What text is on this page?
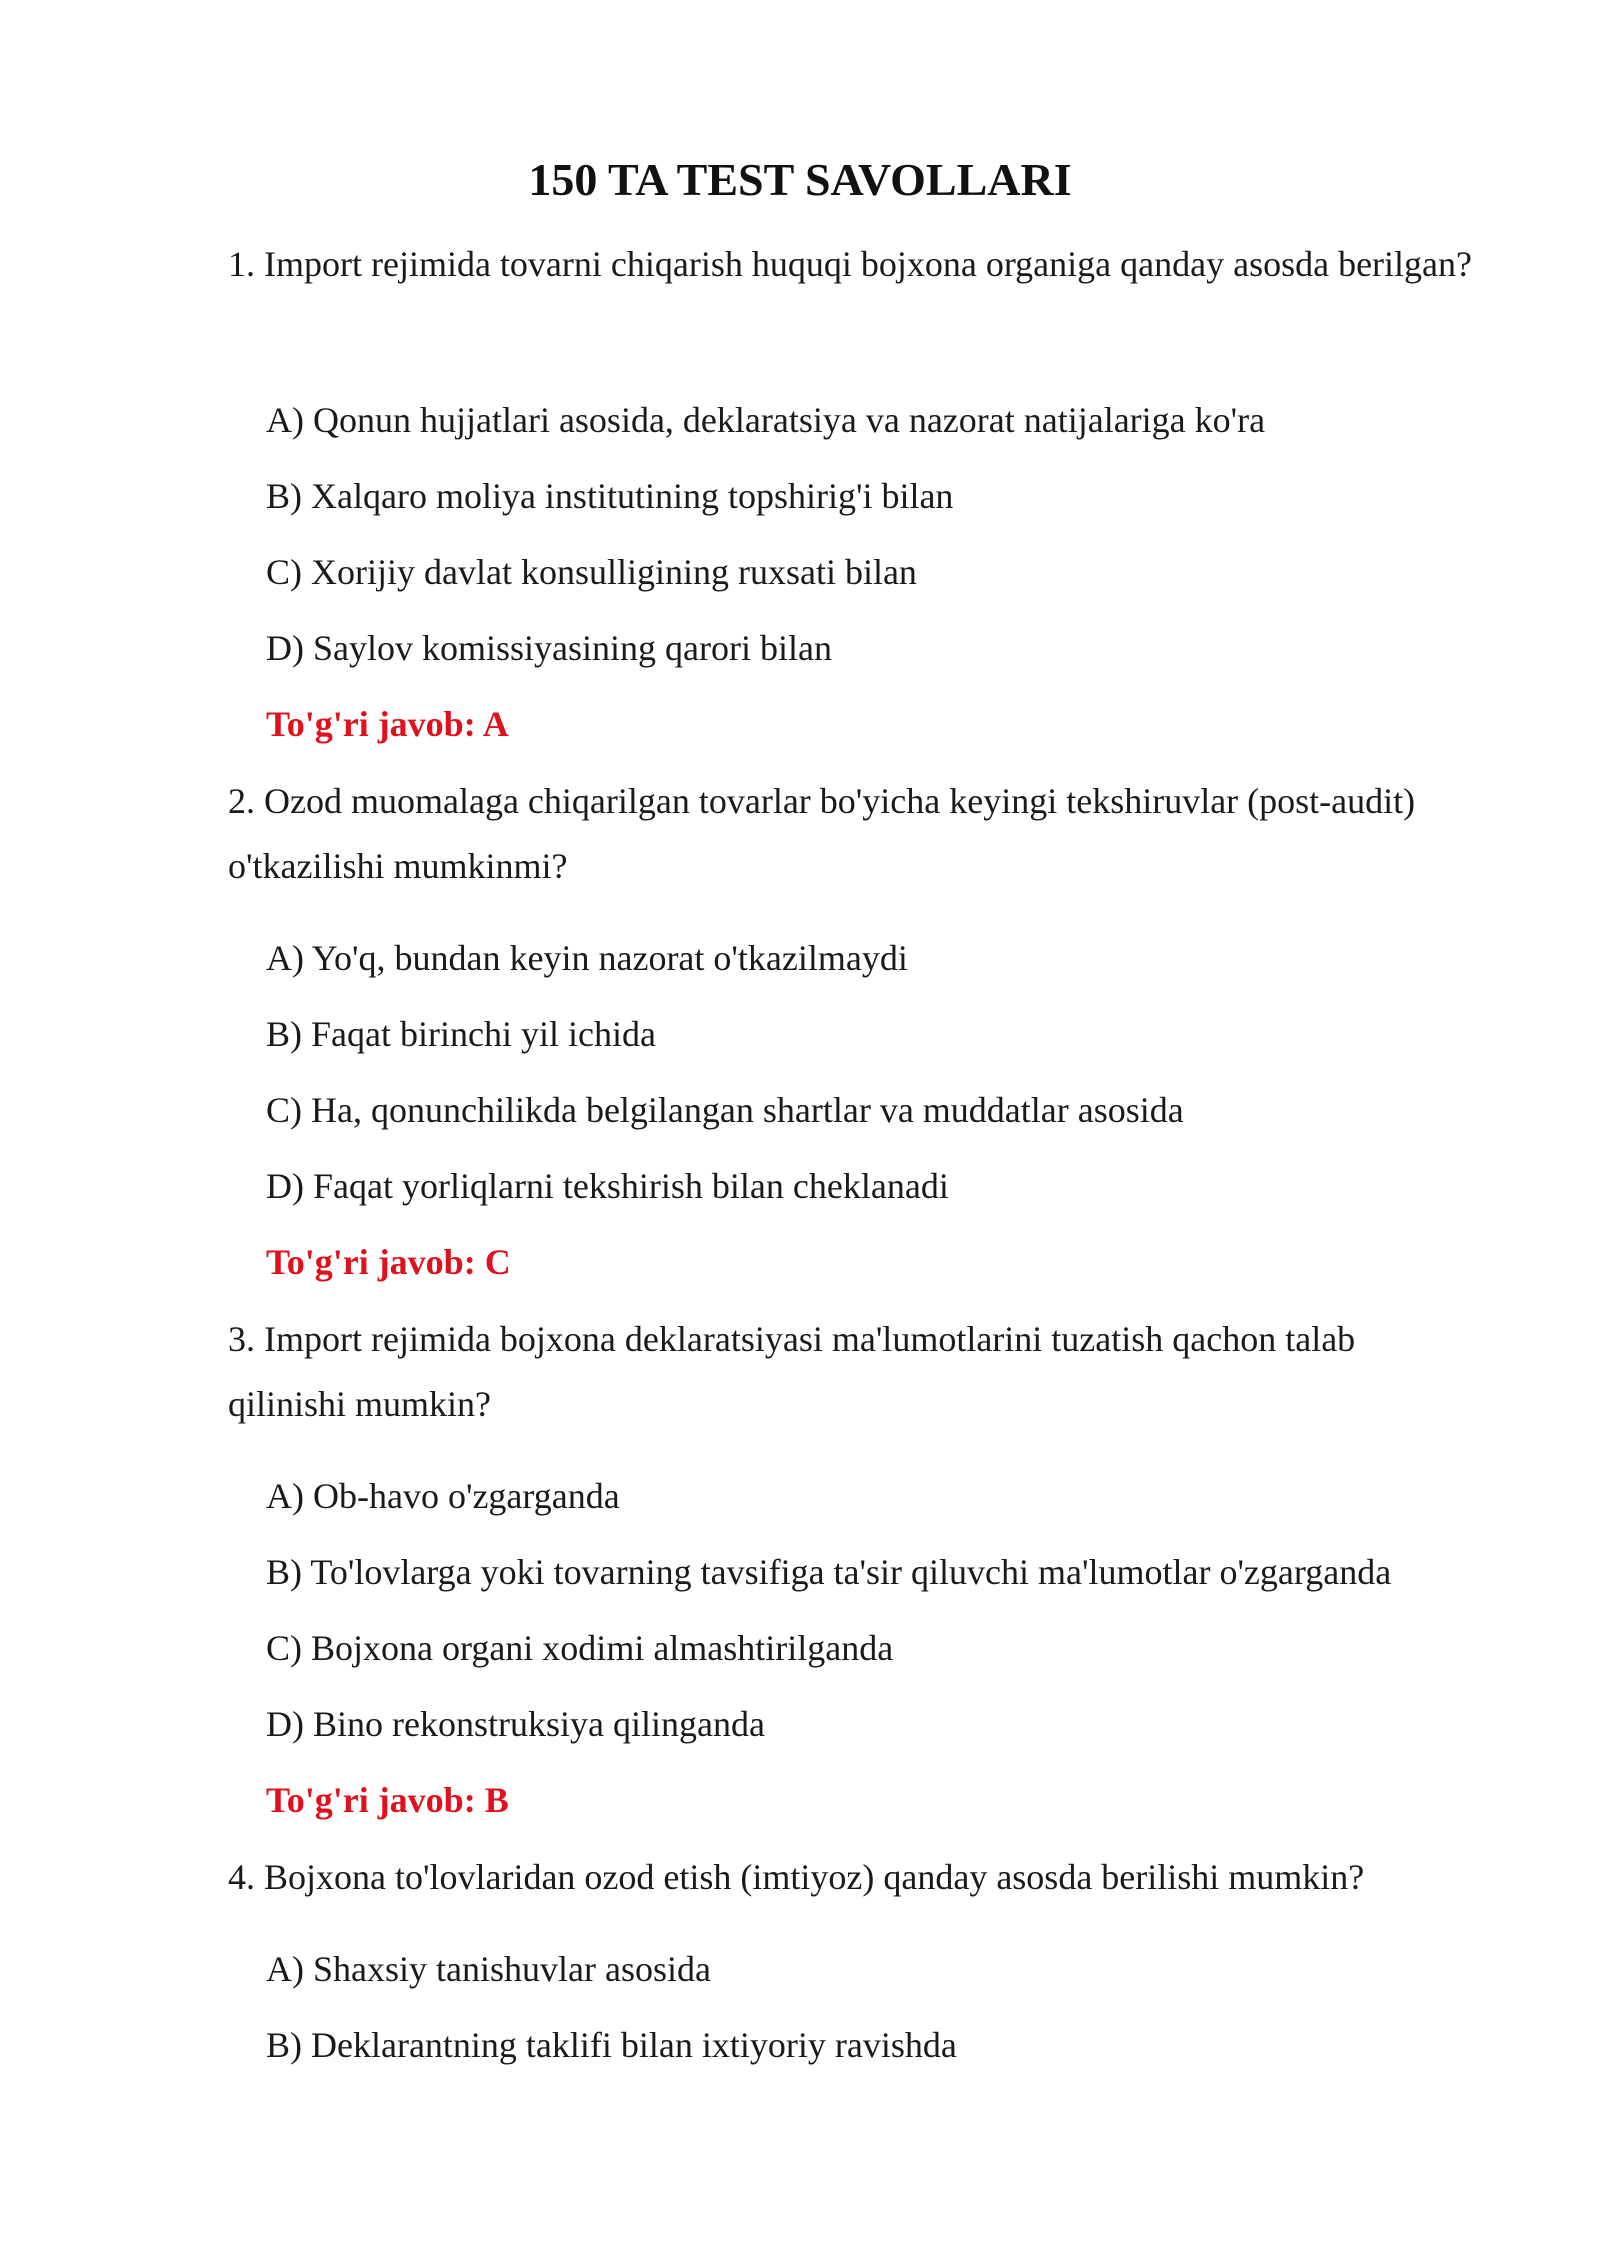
150 TA TEST SAVOLLARI
1. Import rejimida tovarni chiqarish huquqi bojxona organiga qanday asosda berilgan?
A) Qonun hujjatlari asosida, deklaratsiya va nazorat natijalariga ko'ra
B) Xalqaro moliya institutining topshirig'i bilan
C) Xorijiy davlat konsulligining ruxsati bilan
D) Saylov komissiyasining qarori bilan
To'g'ri javob: A
2. Ozod muomalaga chiqarilgan tovarlar bo'yicha keyingi tekshiruvlar (post-audit) o'tkazilishi mumkinmi?
A) Yo'q, bundan keyin nazorat o'tkazilmaydi
B) Faqat birinchi yil ichida
C) Ha, qonunchilikda belgilangan shartlar va muddatlar asosida
D) Faqat yorliqlarni tekshirish bilan cheklanadi
To'g'ri javob: C
3. Import rejimida bojxona deklaratsiyasi ma'lumotlarini tuzatish qachon talab qilinishi mumkin?
A) Ob-havo o'zgarganda
B) To'lovlarga yoki tovarning tavsifiga ta'sir qiluvchi ma'lumotlar o'zgarganda
C) Bojxona organi xodimi almashtirilganda
D) Bino rekonstruksiya qilinganda
To'g'ri javob: B
4. Bojxona to'lovlaridan ozod etish (imtiyoz) qanday asosda berilishi mumkin?
A) Shaxsiy tanishuvlar asosida
B) Deklarantning taklifi bilan ixtiyoriy ravishda
